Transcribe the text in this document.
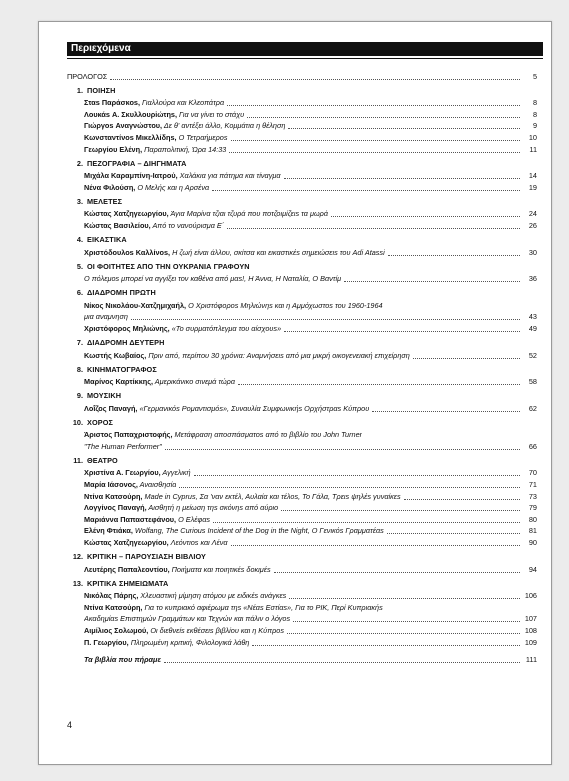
Περιεχόμενα
ΠΡΟΛΟΓΟΣ	5
1. ΠΟΙΗΣΗ
Σταs Παράσκοs, Γιαλλούρα και Κλεοπάτρα	8
Λουκάs Α. Σκυλλουρiώτηs, Για να γίνει το στάχυ	8
Γιώργοs Αναγνώστου, Δε θ' αντέξει άλλο, Κομμάτια η θέληση	9
Κωνσταντίνοs Μικελλίδηs, Ο Τετραήμεροs	10
Γεωργίου Ελένη, Παραπολιτική, Ώρα 14:33	11
2. ΠΕΖΟΓΡΑΦΙΑ – ΔΙΗΓΗΜΑΤΑ
Μιχάλα Καραμπίνη-Ιατρού, Χαλάκια για πάτημα και τίναγμα	14
Νένα Φιλούση, Ο Μελής και η Αρσένα	19
3. ΜΕΛΕΤΕΣ
Κώστας Χατζηγεωργίου, Άγια Μαρίνα τζιαι τζυρά που ποτζοιμίζειs τα μωρά	24
Κώστας Βασιλείου, Από το νανούρισμα Ε΄	26
4. ΕΙΚΑΣΤΙΚΑ
Χριστόδουλοs Καλλίνοs, Η ζωή είναι άλλου, σκίτσα και εικαστικέs σημειώσειs του Adi Atassi	30
5. ΟΙ ΦΟΙΤΗΤΕΣ ΑΠΟ ΤΗΝ ΟΥΚΡΑΝΙΑ ΓΡΑΦΟΥΝ
Ο πόλεμοs μπορεί να αγγίξει τον καθένα από μαs!, Η Άννα, Η Ναταλία, Ο Βαντίμ	36
6. ΔΙΑΔΡΟΜΗ ΠΡΩΤΗ
Νίκος Νικολάου-Χατζημιχαήλ, Ο Χριστόφοροs Μηλιώνηs και η Αμμόχωστοs του 1960-1964
μια αναμνηση	43
Χριστόφορος Μηλιώνης, «Το συρματόπλεγμα του αίσχουs»	49
7. ΔΙΑΔΡΟΜΗ ΔΕΥΤΕΡΗ
Κωστής Κωβαίος, Πριν από, περίπου 30 χρόνια: Αναμνήσειs από μια μικρή οικογενειακή επιχείρηση	52
8. ΚΙΝΗΜΑΤΟΓΡΑΦΟΣ
Μαρίνος Καρτίκκης, Αμερικάνικο σινεμά τώρα	58
9. ΜΟΥΣΙΚΗ
Λοΐζος Παναγή, «Γερμανικόs Ρομαντισμόs», Συναυλία Συμφωνικήs Ορχήστραs Κύπρου	62
10. ΧΟΡΟΣ
Άριστος Παπαχριστοφής, Μετάφραση αποσπάσματοs από το βιβλίο του John Turner
"The Human Performer"	66
11. ΘΕΑΤΡΟ
Χριστίνα Α. Γεωργίου, Αγγελική	70
Μαρία Ιάσονος, Αναισθησία	71
Ντίνα Κατσούρη, Made in Cyprus, Σα 'ναν εκτέλ, Αυλαία και τέλοs, Το Γάλα, Τρειs ψηλέs γυναίκεs	73
Λογγίνος Παναγή, Αισθητή η μείωση τηs σκόνηs από αύριο	79
Μαριάννα Παπαστεφάνου, Ο Ελέφαs	80
Ελένη Φτιάκα, Wolfang, The Curious Incident of the Dog in the Night, Ο Γενικόs Γραμματέαs	81
Κώστας Χατζηγεωργίου, Λεόντιοs και Λένα	90
12. ΚΡΙΤΙΚΗ – ΠΑΡΟΥΣΙΑΣΗ ΒΙΒΛΙΟΥ
Λευτέρης Παπαλεοντίου, Ποιήματα και ποιητικέs δοκιμέs	94
13. ΚΡΙΤΙΚΑ ΣΗΜΕΙΩΜΑΤΑ
Νικόλας Πάρης, Χλευαστική μίμηση ατόμου με ειδικέs ανάγκεs	106
Ντίνα Κατσούρη, Για το κυπριακό αφιέρωμα τηs «Νέαs Εστίαs», Για το ΡΙΚ, Περί Κυπριακήs
Ακαδημίαs Επιστημών Γραμμάτων και Τεχνών και πάλιν ο λόγοs	107
Αιμίλιος Σολωμού, Οι διεθνείs εκθέσειs βιβλίου και η Κύπροs	108
Π. Γεωργίου, Πληρωμένη κριτική, Φιλολογικά λάθη	109
Τα βιβλία που πήραμε	111
4
